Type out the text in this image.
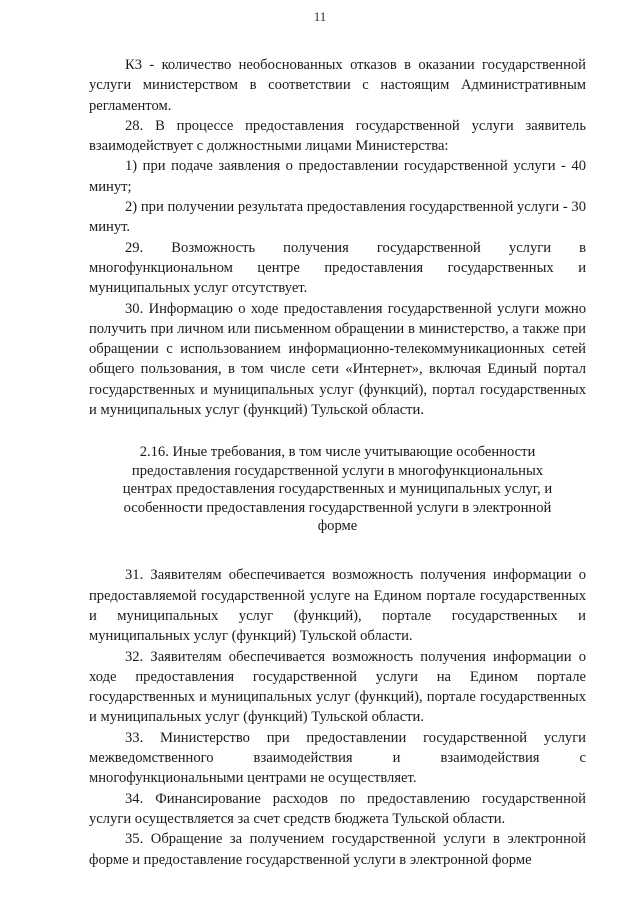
11

К3 - количество необоснованных отказов в оказании государственной услуги министерством в соответствии с настоящим Административным регламентом.

28. В процессе предоставления государственной услуги заявитель взаимодействует с должностными лицами Министерства:

1) при подаче заявления о предоставлении государственной услуги - 40 минут;

2) при получении результата предоставления государственной услуги - 30 минут.

29. Возможность получения государственной услуги в многофункциональном центре предоставления государственных и муниципальных услуг отсутствует.

30. Информацию о ходе предоставления государственной услуги можно получить при личном или письменном обращении в министерство, а также при обращении с использованием информационно-телекоммуникационных сетей общего пользования, в том числе сети «Интернет», включая Единый портал государственных и муниципальных услуг (функций), портал государственных и муниципальных услуг (функций) Тульской области.

2.16. Иные требования, в том числе учитывающие особенности предоставления государственной услуги в многофункциональных центрах предоставления государственных и муниципальных услуг, и особенности предоставления государственной услуги в электронной форме

31. Заявителям обеспечивается возможность получения информации о предоставляемой государственной услуге на Едином портале государственных и муниципальных услуг (функций), портале государственных и муниципальных услуг (функций) Тульской области.

32. Заявителям обеспечивается возможность получения информации о ходе предоставления государственной услуги на Едином портале государственных и муниципальных услуг (функций), портале государственных и муниципальных услуг (функций) Тульской области.

33. Министерство при предоставлении государственной услуги межведомственного взаимодействия и взаимодействия с многофункциональными центрами не осуществляет.

34. Финансирование расходов по предоставлению государственной услуги осуществляется за счет средств бюджета Тульской области.

35. Обращение за получением государственной услуги в электронной форме и предоставление государственной услуги в электронной форме
